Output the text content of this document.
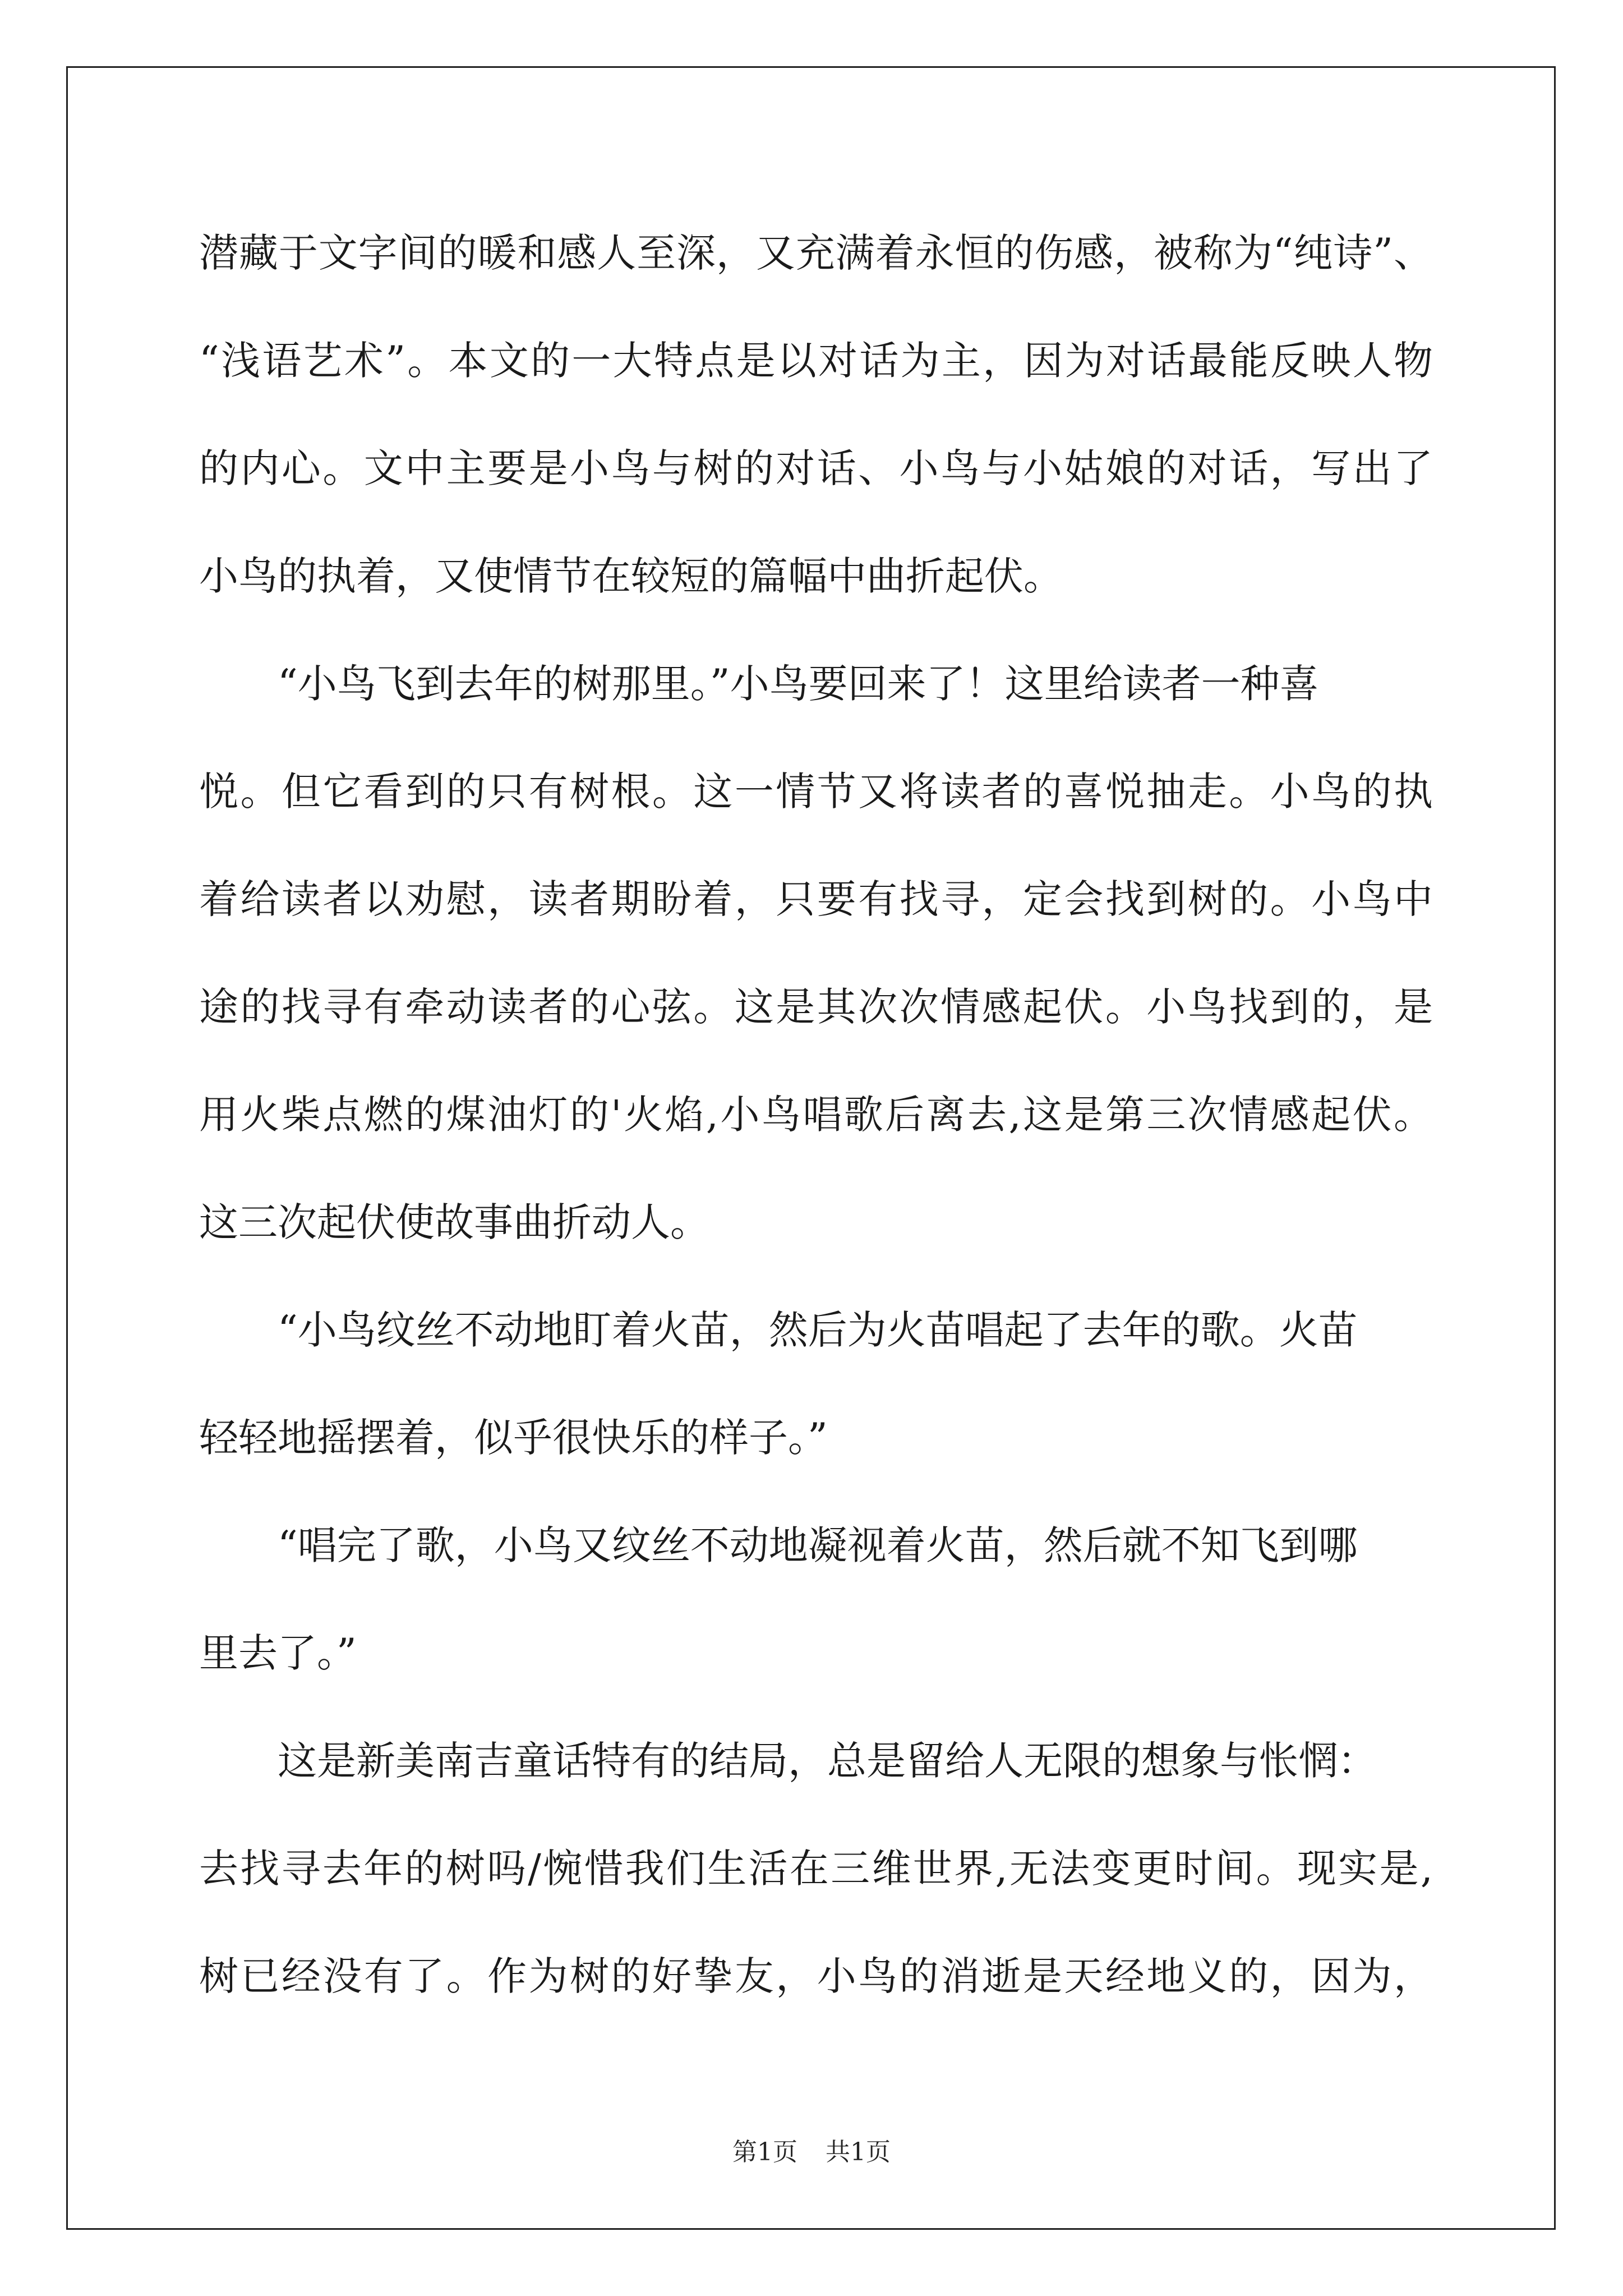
潜藏于文字间的暖和感人至深，又充满着永恒的伤感，被称为“纯诗”、
“浅语艺术”。本文的一大特点是以对话为主，因为对话最能反映人物
的内心。文中主要是小鸟与树的对话、小鸟与小姑娘的对话，写出了
小鸟的执着，又使情节在较短的篇幅中曲折起伏。
“小鸟飞到去年的树那里。”小鸟要回来了！这里给读者一种喜
悦。但它看到的只有树根。这一情节又将读者的喜悦抽走。小鸟的执
着给读者以劝慰，读者期盼着，只要有找寻，定会找到树的。小鸟中
途的找寻有牵动读者的心弦。这是其次次情感起伏。小鸟找到的，是
用火柴点燃的煤油灯的'火焰,小鸟唱歌后离去,这是第三次情感起伏。
这三次起伏使故事曲折动人。
“小鸟纹丝不动地盯着火苗，然后为火苗唱起了去年的歌。火苗
轻轻地摇摆着，似乎很快乐的样子。”
“唱完了歌，小鸟又纹丝不动地凝视着火苗，然后就不知飞到哪
里去了。”
这是新美南吉童话特有的结局，总是留给人无限的想象与怅惘：
去找寻去年的树吗/惋惜我们生活在三维世界,无法变更时间。现实是,
树已经没有了。作为树的好挚友，小鸟的消逝是天经地义的，因为，
第1页 共1页
